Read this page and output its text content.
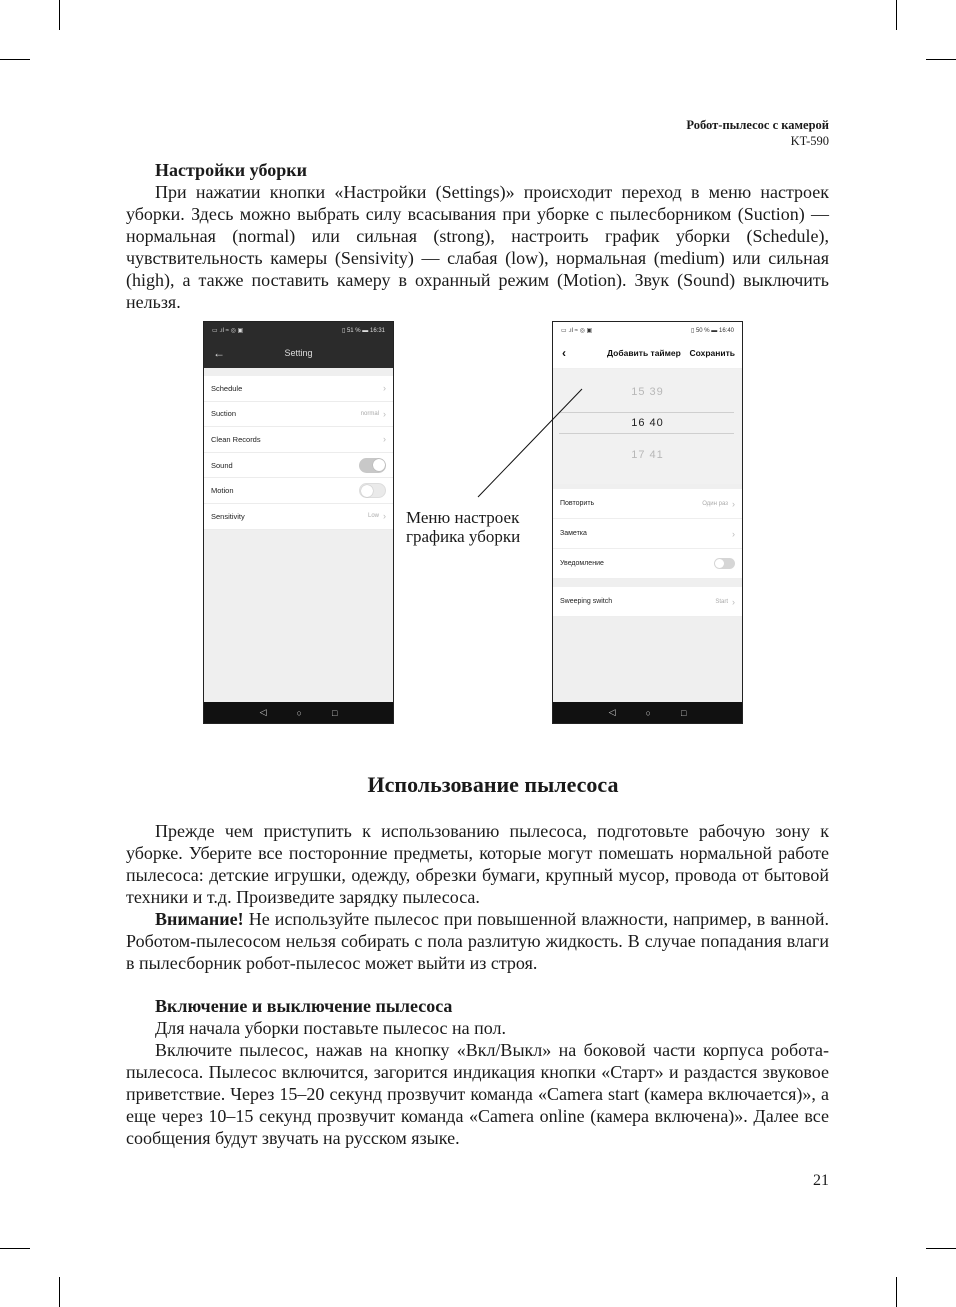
Робот-пылесос с камерой
KT-590
Настройки уборки

При нажатии кнопки «Настройки (Settings)» происходит переход в меню настроек уборки. Здесь можно выбрать силу всасывания при уборке с пылесборником (Suction) — нормальная (normal) или сильная (strong), настроить график уборки (Schedule), чувствительность камеры (Sensivity) — слабая (low), нормальная (medium) или сильная (high), а также поставить камеру в охранный режим (Motion). Звук (Sound) выключить нельзя.

▭ .ıl ≈ ◎ ▣	▯ 51 % ▬ 16:31
←	Setting
Schedule	›
Suction	normal ›
Clean Records	›
Sound
Motion
Sensitivity	Low ›
◁	○	□
▭ .ıl ≈ ◎ ▣	▯ 50 % ▬ 16:40
‹	Добавить таймер Сохранить
15 39
16 40
17 41
Повторить	Один раз ›
Заметка	›
Уведомление
Sweeping switch	Start ›
◁	○	□
Меню настроек
графика уборки
Использование пылесоса

Прежде чем приступить к использованию пылесоса, подготовьте рабочую зону к уборке. Уберите все посторонние предметы, которые могут помешать нормальной работе пылесоса: детские игрушки, одежду, обрезки бумаги, крупный мусор, провода от бытовой техники и т.д. Произведите зарядку пылесоса.

Внимание! Не используйте пылесос при повышенной влажности, например, в ванной. Роботом-пылесосом нельзя собирать с пола разлитую жидкость. В случае попадания влаги в пылесборник робот-пылесос может выйти из строя.

Включение и выключение пылесоса

Для начала уборки поставьте пылесос на пол.

Включите пылесос, нажав на кнопку «Вкл/Выкл» на боковой части корпуса робота-пылесоса. Пылесос включится, загорится индикация кнопки «Старт» и раздастся звуковое приветствие. Через 15–20 секунд прозвучит команда «Camera start (камера включается)», а еще через 10–15 секунд прозвучит команда «Camera online (камера включена)». Далее все сообщения будут звучать на русском языке.

21
